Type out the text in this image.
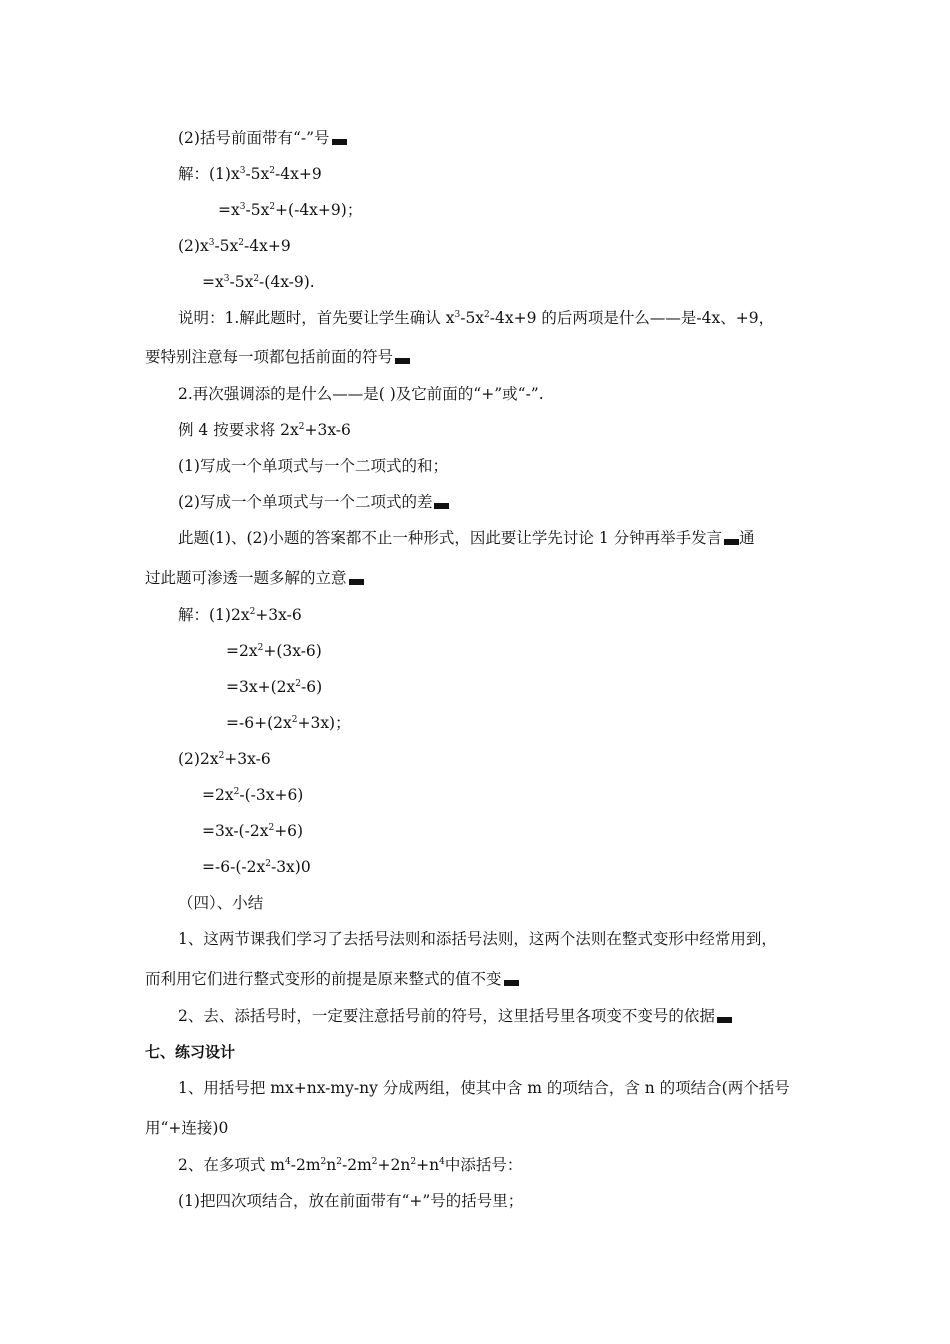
(2)括号前面带有“-”号
解：$(1)x^3-5x^2-4x+9$
$=x^3-5x^2+(-4x+9)$；
$(2)x^3-5x^2-4x+9$
$=x^3-5x^2-(4x-9)$.
说明：1.解此题时，首先要让学生确认 $x^3-5x^2-4x+9$ 的后两项是什么——是-4x、+9，
要特别注意每一项都包括前面的符号
2.再次强调添的是什么——是( )及它前面的“+”或“-”.
例 4 按要求将 $2x^2+3x-6$
(1)写成一个单项式与一个二项式的和；
(2)写成一个单项式与一个二项式的差
此题(1)、(2)小题的答案都不止一种形式，因此要让学先讨论 1 分钟再举手发言 通
过此题可渗透一题多解的立意
解：$(1)2x^2+3x-6$
$=2x^2+(3x-6)$
$=3x+(2x^2-6)$
$=-6+(2x^2+3x)$；
$(2)2x^2+3x-6$
$=2x^2-(-3x+6)$
$=3x-(-2x^2+6)$
$=-6-(-2x^2-3x)0$
（四）、小结
1、这两节课我们学习了去括号法则和添括号法则，这两个法则在整式变形中经常用到，
而利用它们进行整式变形的前提是原来整式的值不变
2、去、添括号时，一定要注意括号前的符号，这里括号里各项变不变号的依据
七、练习设计
1、用括号把 mx+nx-my-ny 分成两组，使其中含 m 的项结合，含 n 的项结合(两个括号
用“+连接)0
2、在多项式 $m^4-2m^2n^2-2m^2+2n^2+n^4$中添括号：
(1)把四次项结合，放在前面带有“+”号的括号里；
